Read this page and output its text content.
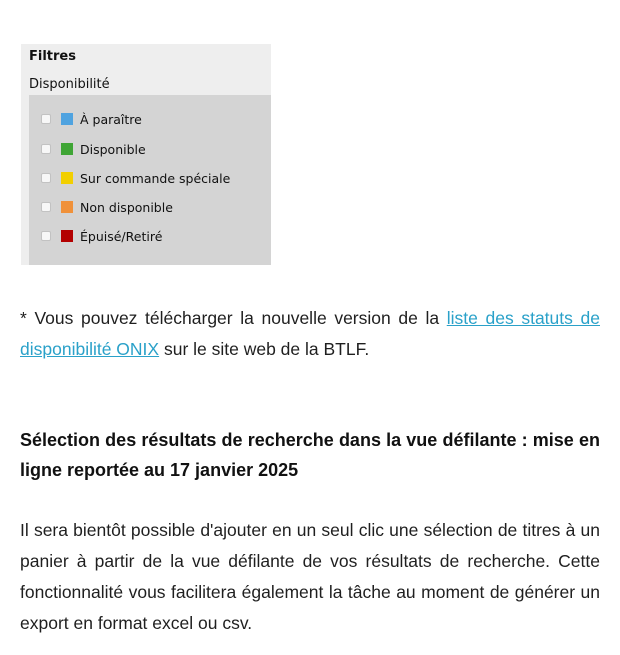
Filtres
Disponibilité
À paraître
Disponible
Sur commande spéciale
Non disponible
Épuisé/Retiré

* Vous pouvez télécharger la nouvelle version de la liste des statuts de disponibilité ONIX sur le site web de la BTLF.

Sélection des résultats de recherche dans la vue défilante : mise en ligne reportée au 17 janvier 2025

Il sera bientôt possible d'ajouter en un seul clic une sélection de titres à un panier à partir de la vue défilante de vos résultats de recherche. Cette fonctionnalité vous facilitera également la tâche au moment de générer un export en format excel ou csv.
